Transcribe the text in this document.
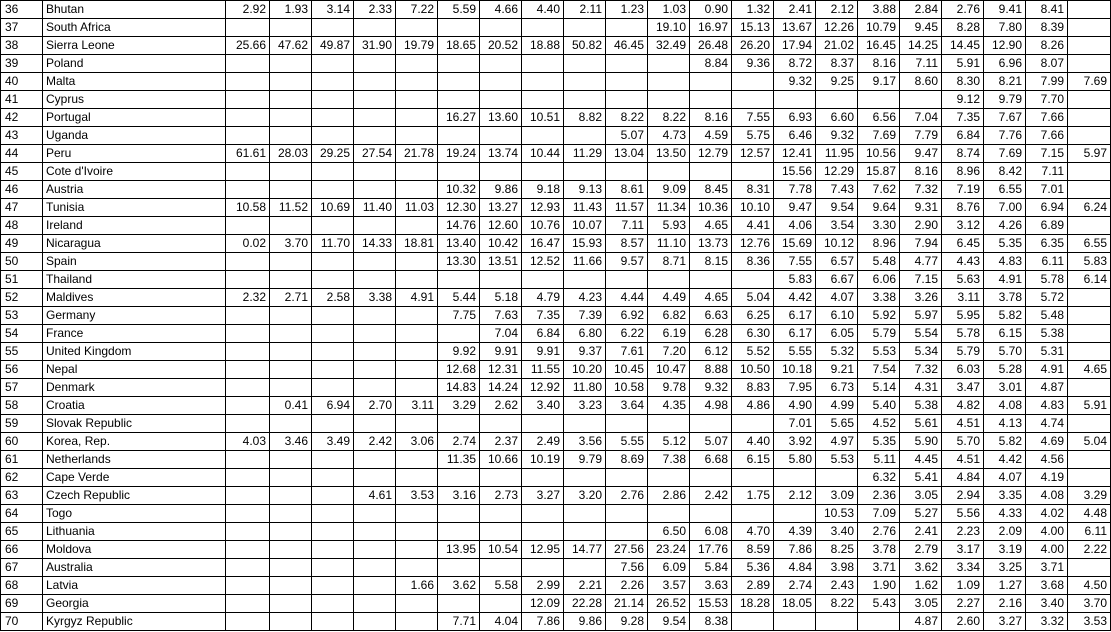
36	Bhutan	2.92	1.93	3.14	2.33	7.22	5.59	4.66	4.40	2.11	1.23	1.03	0.90	1.32	2.41	2.12	3.88	2.84	2.76	9.41	8.41	
37	South Africa											19.10	16.97	15.13	13.67	12.26	10.79	9.45	8.28	7.80	8.39	
38	Sierra Leone	25.66	47.62	49.87	31.90	19.79	18.65	20.52	18.88	50.82	46.45	32.49	26.48	26.20	17.94	21.02	16.45	14.25	14.45	12.90	8.26	
39	Poland												8.84	9.36	8.72	8.37	8.16	7.11	5.91	6.96	8.07	
40	Malta														9.32	9.25	9.17	8.60	8.30	8.21	7.99	7.69
41	Cyprus																		9.12	9.79	7.70	
42	Portugal						16.27	13.60	10.51	8.82	8.22	8.22	8.16	7.55	6.93	6.60	6.56	7.04	7.35	7.67	7.66	
43	Uganda										5.07	4.73	4.59	5.75	6.46	9.32	7.69	7.79	6.84	7.76	7.66	
44	Peru	61.61	28.03	29.25	27.54	21.78	19.24	13.74	10.44	11.29	13.04	13.50	12.79	12.57	12.41	11.95	10.56	9.47	8.74	7.69	7.15	5.97
45	Cote d'Ivoire														15.56	12.29	15.87	8.16	8.96	8.42	7.11	
46	Austria						10.32	9.86	9.18	9.13	8.61	9.09	8.45	8.31	7.78	7.43	7.62	7.32	7.19	6.55	7.01	
47	Tunisia	10.58	11.52	10.69	11.40	11.03	12.30	13.27	12.93	11.43	11.57	11.34	10.36	10.10	9.47	9.54	9.64	9.31	8.76	7.00	6.94	6.24
48	Ireland						14.76	12.60	10.76	10.07	7.11	5.93	4.65	4.41	4.06	3.54	3.30	2.90	3.12	4.26	6.89	
49	Nicaragua	0.02	3.70	11.70	14.33	18.81	13.40	10.42	16.47	15.93	8.57	11.10	13.73	12.76	15.69	10.12	8.96	7.94	6.45	5.35	6.35	6.55
50	Spain						13.30	13.51	12.52	11.66	9.57	8.71	8.15	8.36	7.55	6.57	5.48	4.77	4.43	4.83	6.11	5.83
51	Thailand														5.83	6.67	6.06	7.15	5.63	4.91	5.78	6.14
52	Maldives	2.32	2.71	2.58	3.38	4.91	5.44	5.18	4.79	4.23	4.44	4.49	4.65	5.04	4.42	4.07	3.38	3.26	3.11	3.78	5.72	
53	Germany						7.75	7.63	7.35	7.39	6.92	6.82	6.63	6.25	6.17	6.10	5.92	5.97	5.95	5.82	5.48	
54	France							7.04	6.84	6.80	6.22	6.19	6.28	6.30	6.17	6.05	5.79	5.54	5.78	6.15	5.38	
55	United Kingdom						9.92	9.91	9.91	9.37	7.61	7.20	6.12	5.52	5.55	5.32	5.53	5.34	5.79	5.70	5.31	
56	Nepal						12.68	12.31	11.55	10.20	10.45	10.47	8.88	10.50	10.18	9.21	7.54	7.32	6.03	5.28	4.91	4.65
57	Denmark						14.83	14.24	12.92	11.80	10.58	9.78	9.32	8.83	7.95	6.73	5.14	4.31	3.47	3.01	4.87	
58	Croatia		0.41	6.94	2.70	3.11	3.29	2.62	3.40	3.23	3.64	4.35	4.98	4.86	4.90	4.99	5.40	5.38	4.82	4.08	4.83	5.91
59	Slovak Republic														7.01	5.65	4.52	5.61	4.51	4.13	4.74	
60	Korea, Rep.	4.03	3.46	3.49	2.42	3.06	2.74	2.37	2.49	3.56	5.55	5.12	5.07	4.40	3.92	4.97	5.35	5.90	5.70	5.82	4.69	5.04
61	Netherlands						11.35	10.66	10.19	9.79	8.69	7.38	6.68	6.15	5.80	5.53	5.11	4.45	4.51	4.42	4.56	
62	Cape Verde																6.32	5.41	4.84	4.07	4.19	
63	Czech Republic				4.61	3.53	3.16	2.73	3.27	3.20	2.76	2.86	2.42	1.75	2.12	3.09	2.36	3.05	2.94	3.35	4.08	3.29
64	Togo															10.53	7.09	5.27	5.56	4.33	4.02	4.48
65	Lithuania											6.50	6.08	4.70	4.39	3.40	2.76	2.41	2.23	2.09	4.00	6.11
66	Moldova						13.95	10.54	12.95	14.77	27.56	23.24	17.76	8.59	7.86	8.25	3.78	2.79	3.17	3.19	4.00	2.22
67	Australia										7.56	6.09	5.84	5.36	4.84	3.98	3.71	3.62	3.34	3.25	3.71	
68	Latvia					1.66	3.62	5.58	2.99	2.21	2.26	3.57	3.63	2.89	2.74	2.43	1.90	1.62	1.09	1.27	3.68	4.50
69	Georgia								12.09	22.28	21.14	26.52	15.53	18.28	18.05	8.22	5.43	3.05	2.27	2.16	3.40	3.70
70	Kyrgyz Republic						7.71	4.04	7.86	9.86	9.28	9.54	8.38					4.87	2.60	3.27	3.32	3.53
